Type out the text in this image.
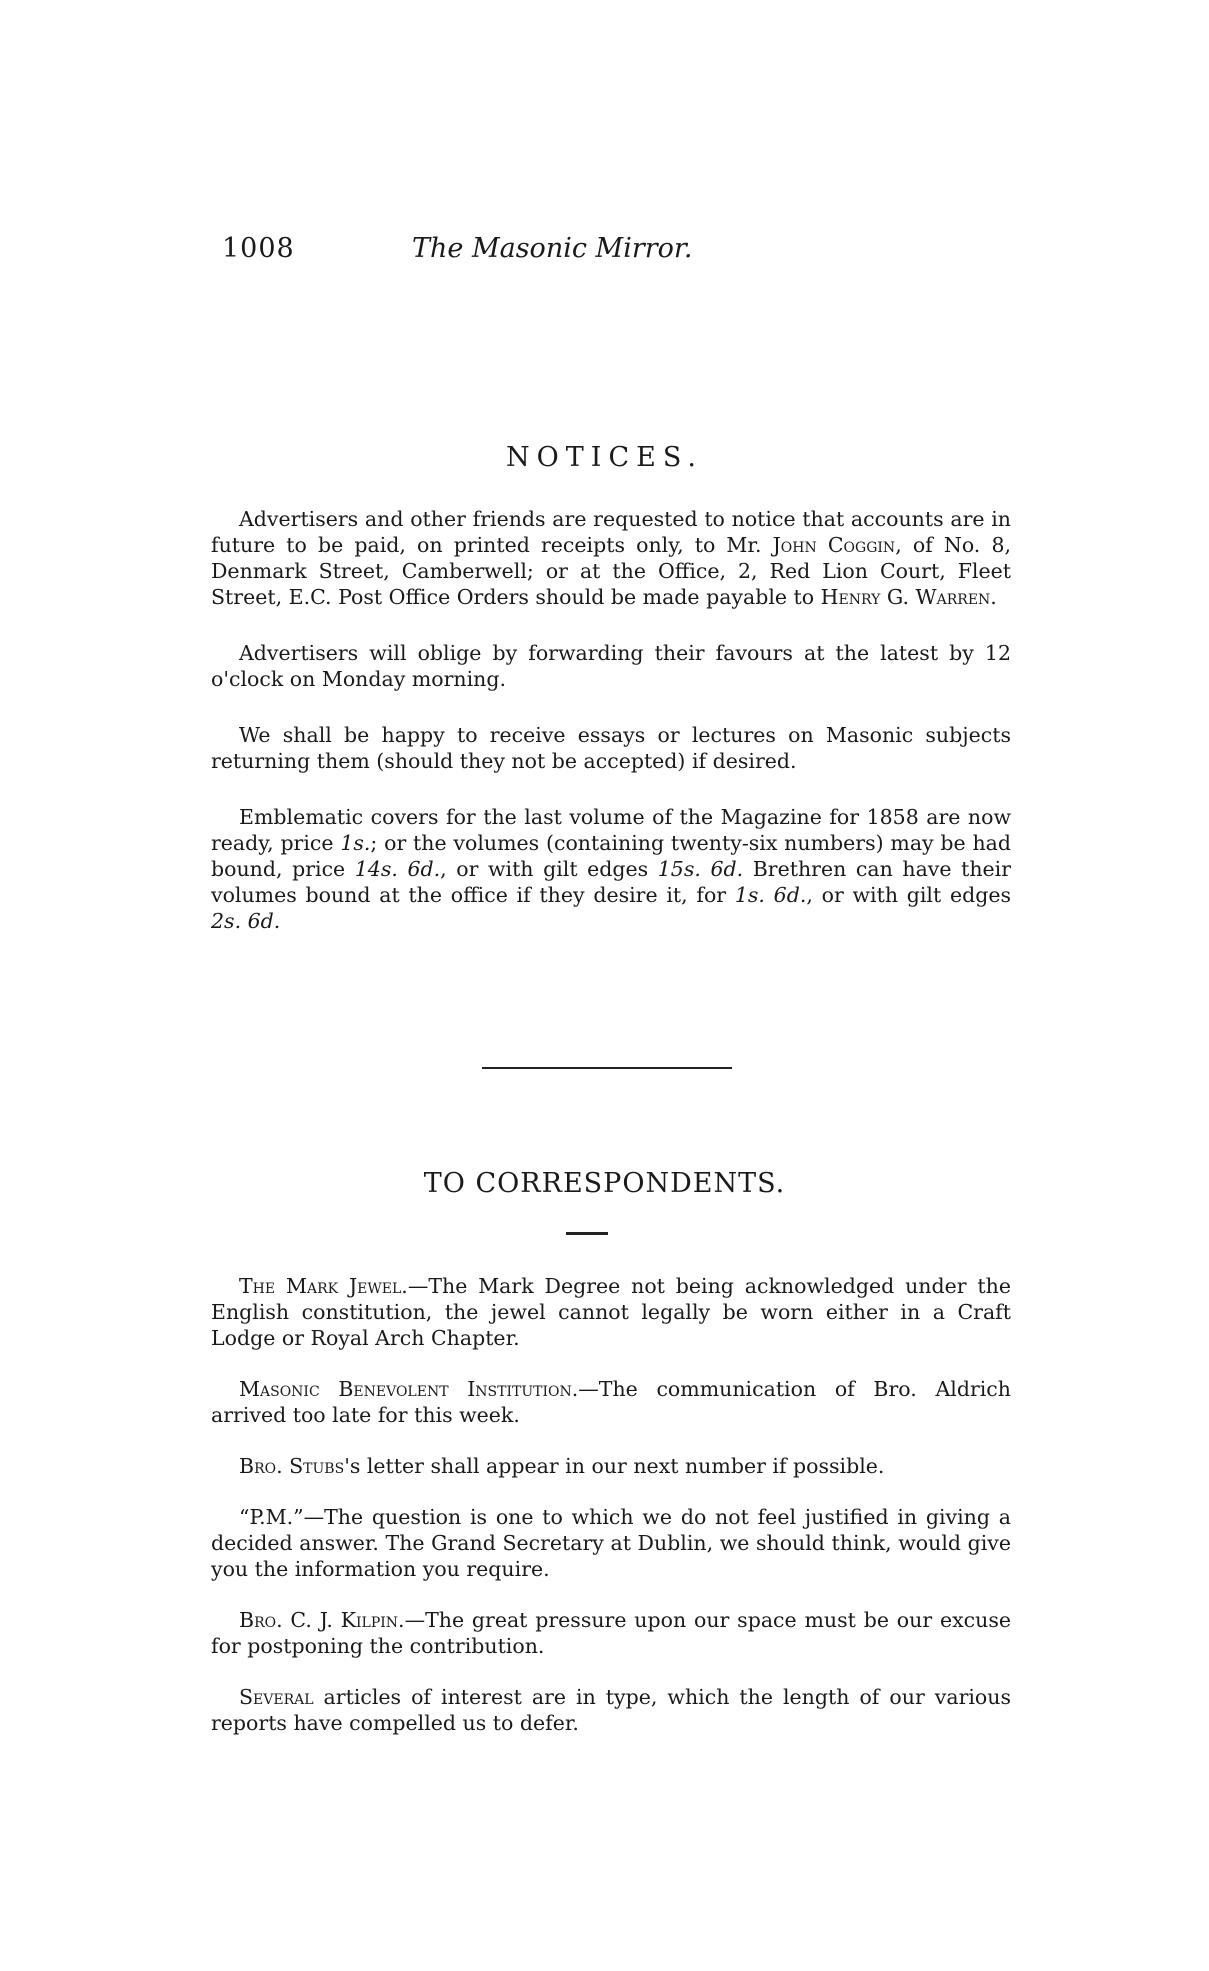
1008	The Masonic Mirror.
NOTICES.

Advertisers and other friends are requested to notice that accounts are in future to be paid, on printed receipts only, to Mr. John Coggin, of No. 8, Denmark Street, Camberwell; or at the Office, 2, Red Lion Court, Fleet Street, E.C. Post Office Orders should be made payable to Henry G. Warren.

Advertisers will oblige by forwarding their favours at the latest by 12 o'clock on Monday morning.

We shall be happy to receive essays or lectures on Masonic subjects returning them (should they not be accepted) if desired.

Emblematic covers for the last volume of the Magazine for 1858 are now ready, price 1s.; or the volumes (containing twenty-six numbers) may be had bound, price 14s. 6d., or with gilt edges 15s. 6d. Brethren can have their volumes bound at the office if they desire it, for 1s. 6d., or with gilt edges 2s. 6d.

TO CORRESPONDENTS.

The Mark Jewel.—The Mark Degree not being acknowledged under the English constitution, the jewel cannot legally be worn either in a Craft Lodge or Royal Arch Chapter.

Masonic Benevolent Institution.—The communication of Bro. Aldrich arrived too late for this week.

Bro. Stubs's letter shall appear in our next number if possible.

“P.M.”—The question is one to which we do not feel justified in giving a decided answer. The Grand Secretary at Dublin, we should think, would give you the information you require.

Bro. C. J. Kilpin.—The great pressure upon our space must be our excuse for postponing the contribution.

Several articles of interest are in type, which the length of our various reports have compelled us to defer.
